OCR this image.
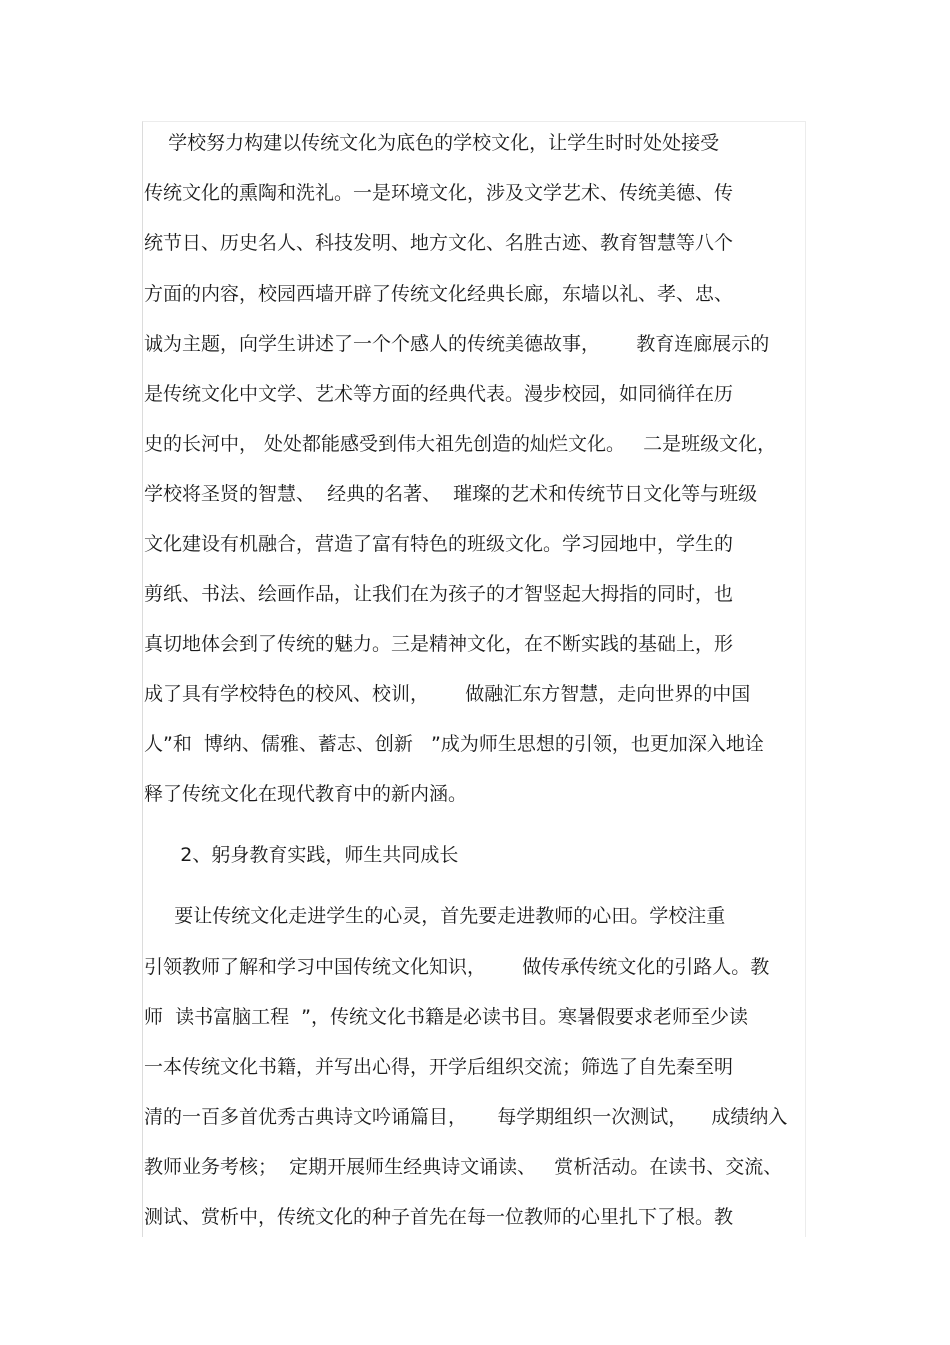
学校努力构建以传统文化为底色的学校文化，让学生时时处处接受
传统文化的熏陶和洗礼。一是环境文化，涉及文学艺术、传统美德、传
统节日、历史名人、科技发明、地方文化、名胜古迹、教育智慧等八个
方面的内容，校园西墙开辟了传统文化经典长廊，东墙以礼、孝、忠、
诚为主题，向学生讲述了一个个感人的传统美德故事，      教育连廊展示的
是传统文化中文学、艺术等方面的经典代表。漫步校园，如同徜徉在历
史的长河中， 处处都能感受到伟大祖先创造的灿烂文化。   二是班级文化，
学校将圣贤的智慧、  经典的名著、  璀璨的艺术和传统节日文化等与班级
文化建设有机融合，营造了富有特色的班级文化。学习园地中，学生的
剪纸、书法、绘画作品，让我们在为孩子的才智竖起大拇指的同时，也
真切地体会到了传统的魅力。三是精神文化，在不断实践的基础上，形
成了具有学校特色的校风、校训，      做融汇东方智慧，走向世界的中国
人”和  博纳、儒雅、蓄志、创新   ”成为师生思想的引领，也更加深入地诠
释了传统文化在现代教育中的新内涵。
2、躬身教育实践，师生共同成长
要让传统文化走进学生的心灵，首先要走进教师的心田。学校注重
引领教师了解和学习中国传统文化知识，      做传承传统文化的引路人。教
师  读书富脑工程  ”，传统文化书籍是必读书目。寒暑假要求老师至少读
一本传统文化书籍，并写出心得，开学后组织交流；筛选了自先秦至明
清的一百多首优秀古典诗文吟诵篇目，     每学期组织一次测试，    成绩纳入
教师业务考核；  定期开展师生经典诗文诵读、   赏析活动。在读书、交流、
测试、赏析中，传统文化的种子首先在每一位教师的心里扎下了根。教
